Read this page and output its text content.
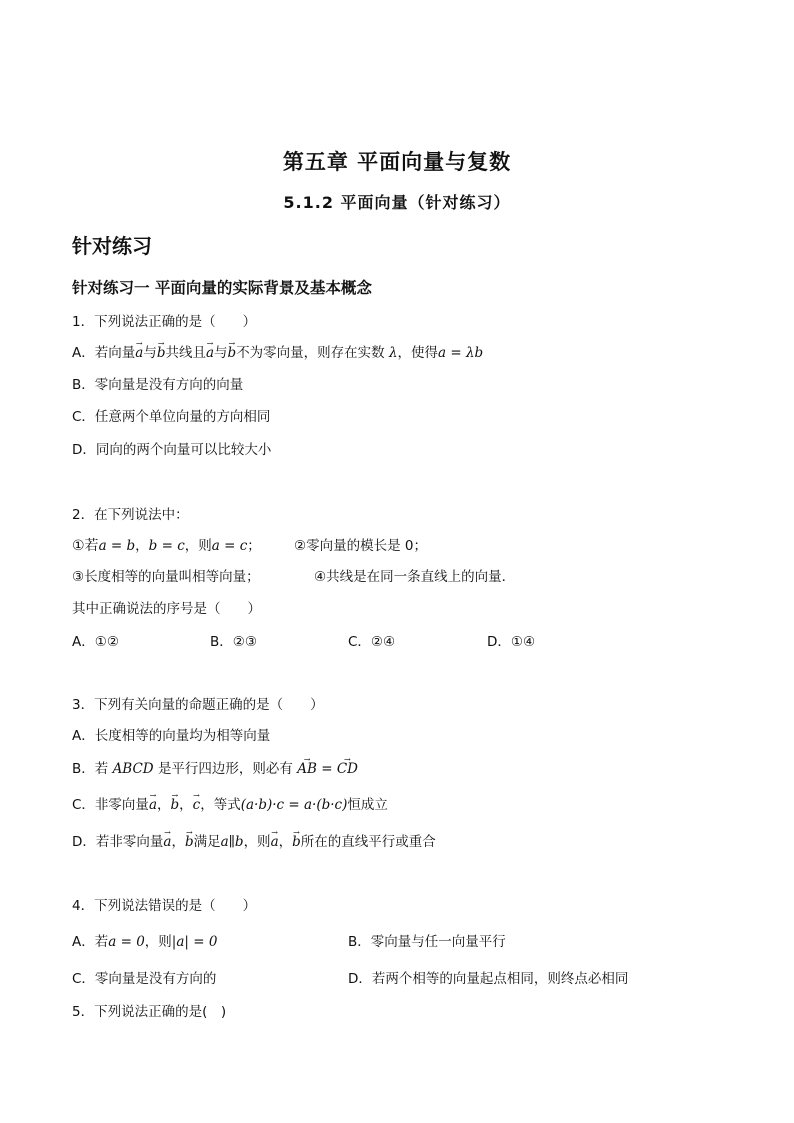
第五章 平面向量与复数
5.1.2 平面向量（针对练习）
针对练习
针对练习一 平面向量的实际背景及基本概念
1．下列说法正确的是（　　）
A．若向量→ a与→ b共线且→ a与→ b不为零向量，则存在实数 λ，使得a = λb
B．零向量是没有方向的向量
C．任意两个单位向量的方向相同
D．同向的两个向量可以比较大小
2．在下列说法中：
①若a = b，b = c，则a = c； ②零向量的模长是 0；
③长度相等的向量叫相等向量；	④共线是在同一条直线上的向量．
其中正确说法的序号是（　　）
A．①②	B．②③	C．②④	D．①④
3．下列有关向量的命题正确的是（　　）
A．长度相等的向量均为相等向量
B．若 ABCD 是平行四边形，则必有 → AB = → CD
C．非零向量→ a，→ b，→ c，等式(a·b)·c = a·(b·c)恒成立
D．若非零向量→ a，→ b满足a∥b，则→ a，→ b所在的直线平行或重合
4．下列说法错误的是（　　）
A．若a = 0，则|a| = 0	B．零向量与任一向量平行
C．零向量是没有方向的	D．若两个相等的向量起点相同，则终点必相同
5．下列说法正确的是(　)
